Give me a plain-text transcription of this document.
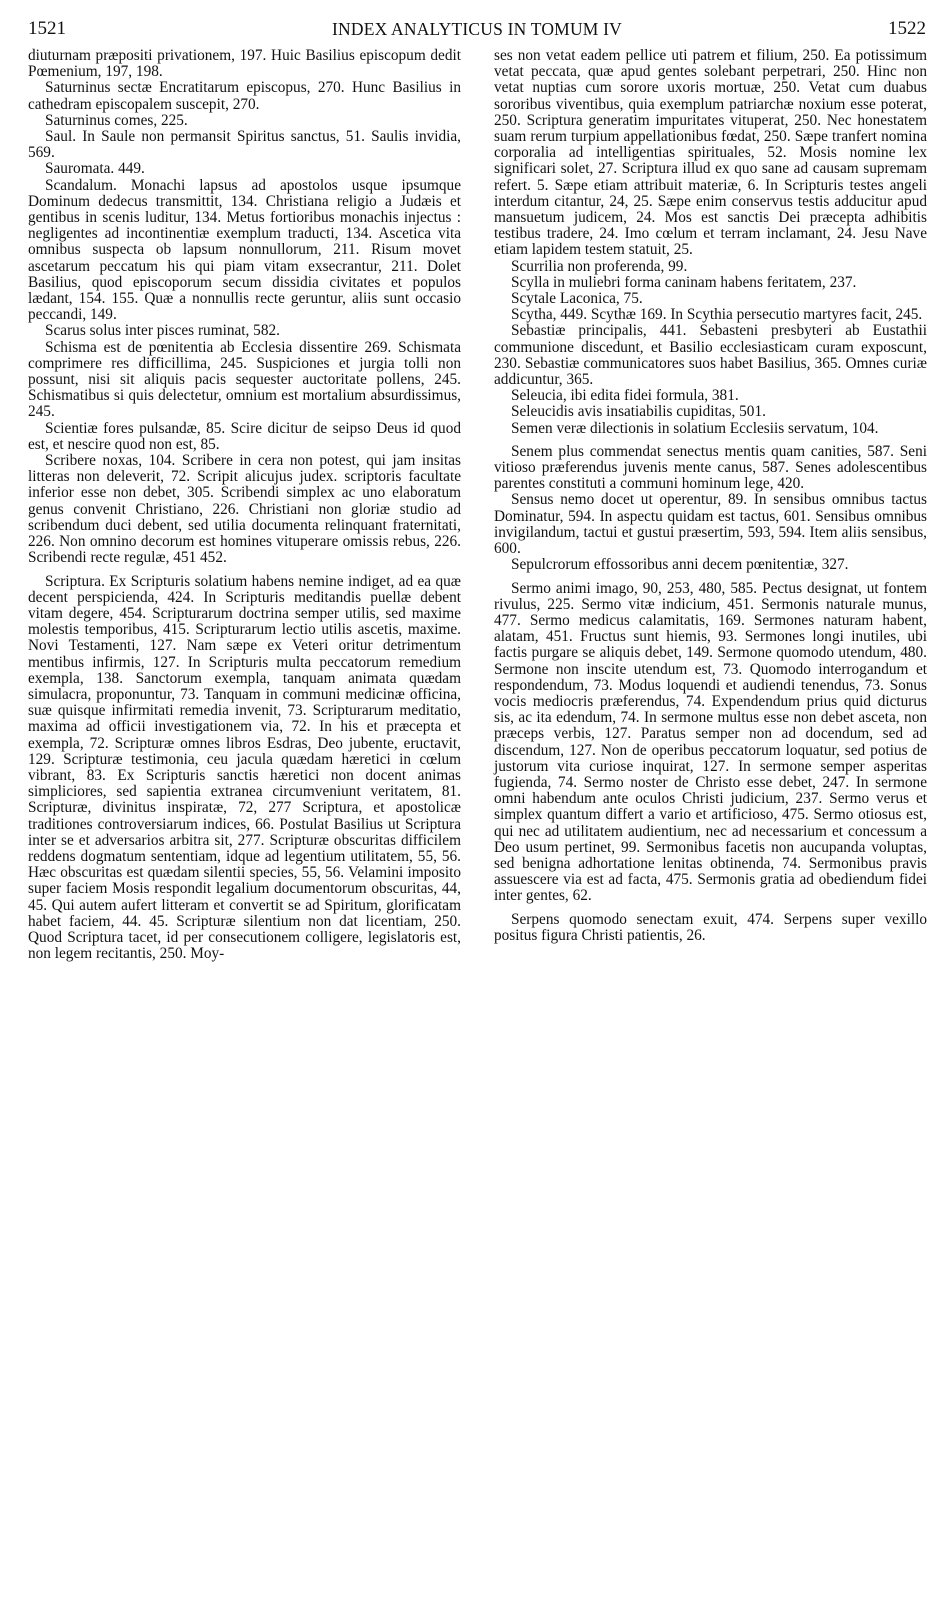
1521	INDEX ANALYTICUS IN TOMUM IV	1522

diuturnam præpositi privationem, 197. Huic Basilius episcopum dedit Pœmenium, 197, 198.

Saturninus sectæ Encratitarum episcopus, 270. Hunc Basilius in cathedram episcopalem suscepit, 270.

Saturninus comes, 225.

Saul. In Saule non permansit Spiritus sanctus, 51. Saulis invidia, 569.

Sauromata. 449.

Scandalum. Monachi lapsus ad apostolos usque ipsumque Dominum dedecus transmittit, 134. Christiana religio a Judæis et gentibus in scenis luditur, 134. Metus fortioribus monachis injectus : negligentes ad incontinentiæ exemplum traducti, 134. Ascetica vita omnibus suspecta ob lapsum nonnullorum, 211. Risum movet ascetarum peccatum his qui piam vitam exsecrantur, 211. Dolet Basilius, quod episcoporum secum dissidia civitates et populos lædant, 154. 155. Quæ a nonnullis recte geruntur, aliis sunt occasio peccandi, 149.

Scarus solus inter pisces ruminat, 582.

Schisma est de pœnitentia ab Ecclesia dissentire 269. Schismata comprimere res difficillima, 245. Suspiciones et jurgia tolli non possunt, nisi sit aliquis pacis sequester auctoritate pollens, 245. Schismatibus si quis delectetur, omnium est mortalium absurdissimus, 245.

Scientiæ fores pulsandæ, 85. Scire dicitur de seipso Deus id quod est, et nescire quod non est, 85.

Scribere noxas, 104. Scribere in cera non potest, qui jam insitas litteras non deleverit, 72. Scripit alicujus judex. scriptoris facultate inferior esse non debet, 305. Scribendi simplex ac uno elaboratum genus convenit Christiano, 226. Christiani non gloriæ studio ad scribendum duci debent, sed utilia documenta relinquant fraternitati, 226. Non omnino decorum est homines vituperare omissis rebus, 226. Scribendi recte regulæ, 451 452.

Scriptura. Ex Scripturis solatium habens nemine indiget, ad ea quæ decent perspicienda, 424. In Scripturis meditandis puellæ debent vitam degere, 454. Scripturarum doctrina semper utilis, sed maxime molestis temporibus, 415. Scripturarum lectio utilis ascetis, maxime. Novi Testamenti, 127. Nam sæpe ex Veteri oritur detrimentum mentibus infirmis, 127. In Scripturis multa peccatorum remedium exempla, 138. Sanctorum exempla, tanquam animata quædam simulacra, proponuntur, 73. Tanquam in communi medicinæ officina, suæ quisque infirmitati remedia invenit, 73. Scripturarum meditatio, maxima ad officii investigationem via, 72. In his et præcepta et exempla, 72. Scripturæ omnes libros Esdras, Deo jubente, eructavit, 129. Scripturæ testimonia, ceu jacula quædam hæretici in cœlum vibrant, 83. Ex Scripturis sanctis hæretici non docent animas simpliciores, sed sapientia extranea circumveniunt veritatem, 81. Scripturæ, divinitus inspiratæ, 72, 277 Scriptura, et apostolicæ traditiones controversiarum indices, 66. Postulat Basilius ut Scriptura inter se et adversarios arbitra sit, 277. Scripturæ obscuritas difficilem reddens dogmatum sententiam, idque ad legentium utilitatem, 55, 56. Hæc obscuritas est quædam silentii species, 55, 56. Velamini imposito super faciem Mosis respondit legalium documentorum obscuritas, 44, 45. Qui autem aufert litteram et convertit se ad Spiritum, glorificatam habet faciem, 44. 45. Scripturæ silentium non dat licentiam, 250. Quod Scriptura tacet, id per consecutionem colligere, legislatoris est, non legem recitantis, 250. Moy-

ses non vetat eadem pellice uti patrem et filium, 250. Ea potissimum vetat peccata, quæ apud gentes solebant perpetrari, 250. Hinc non vetat nuptias cum sorore uxoris mortuæ, 250. Vetat cum duabus sororibus viventibus, quia exemplum patriarchæ noxium esse poterat, 250. Scriptura generatim impuritates vituperat, 250. Nec honestatem suam rerum turpium appellationibus fœdat, 250. Sæpe tranfert nomina corporalia ad intelligentias spirituales, 52. Mosis nomine lex significari solet, 27. Scriptura illud ex quo sane ad causam supremam refert. 5. Sæpe etiam attribuit materiæ, 6. In Scripturis testes angeli interdum citantur, 24, 25. Sæpe enim conservus testis adducitur apud mansuetum judicem, 24. Mos est sanctis Dei præcepta adhibitis testibus tradere, 24. Imo cœlum et terram inclamant, 24. Jesu Nave etiam lapidem testem statuit, 25.

Scurrilia non proferenda, 99.

Scylla in muliebri forma caninam habens feritatem, 237.

Scytale Laconica, 75.

Scytha, 449. Scythæ 169. In Scythia persecutio martyres facit, 245.

Sebastiæ principalis, 441. Sebasteni presbyteri ab Eustathii communione discedunt, et Basilio ecclesiasticam curam exposcunt, 230. Sebastiæ communicatores suos habet Basilius, 365. Omnes curiæ addicuntur, 365.

Seleucia, ibi edita fidei formula, 381.

Seleucidis avis insatiabilis cupiditas, 501.

Semen veræ dilectionis in solatium Ecclesiis servatum, 104.

Senem plus commendat senectus mentis quam canities, 587. Seni vitioso præferendus juvenis mente canus, 587. Senes adolescentibus parentes constituti a communi hominum lege, 420.

Sensus nemo docet ut operentur, 89. In sensibus omnibus tactus Dominatur, 594. In aspectu quidam est tactus, 601. Sensibus omnibus invigilandum, tactui et gustui præsertim, 593, 594. Item aliis sensibus, 600.

Sepulcrorum effossoribus anni decem pœnitentiæ, 327.

Sermo animi imago, 90, 253, 480, 585. Pectus designat, ut fontem rivulus, 225. Sermo vitæ indicium, 451. Sermonis naturale munus, 477. Sermo medicus calamitatis, 169. Sermones naturam habent, alatam, 451. Fructus sunt hiemis, 93. Sermones longi inutiles, ubi factis purgare se aliquis debet, 149. Sermone quomodo utendum, 480. Sermone non inscite utendum est, 73. Quomodo interrogandum et respondendum, 73. Modus loquendi et audiendi tenendus, 73. Sonus vocis mediocris præferendus, 74. Expendendum prius quid dicturus sis, ac ita edendum, 74. In sermone multus esse non debet asceta, non præceps verbis, 127. Paratus semper non ad docendum, sed ad discendum, 127. Non de operibus peccatorum loquatur, sed potius de justorum vita curiose inquirat, 127. In sermone semper asperitas fugienda, 74. Sermo noster de Christo esse debet, 247. In sermone omni habendum ante oculos Christi judicium, 237. Sermo verus et simplex quantum differt a vario et artificioso, 475. Sermo otiosus est, qui nec ad utilitatem audientium, nec ad necessarium et concessum a Deo usum pertinet, 99. Sermonibus facetis non aucupanda voluptas, sed benigna adhortatione lenitas obtinenda, 74. Sermonibus pravis assuescere via est ad facta, 475. Sermonis gratia ad obediendum fidei inter gentes, 62.

Serpens quomodo senectam exuit, 474. Serpens super vexillo positus figura Christi patientis, 26.
